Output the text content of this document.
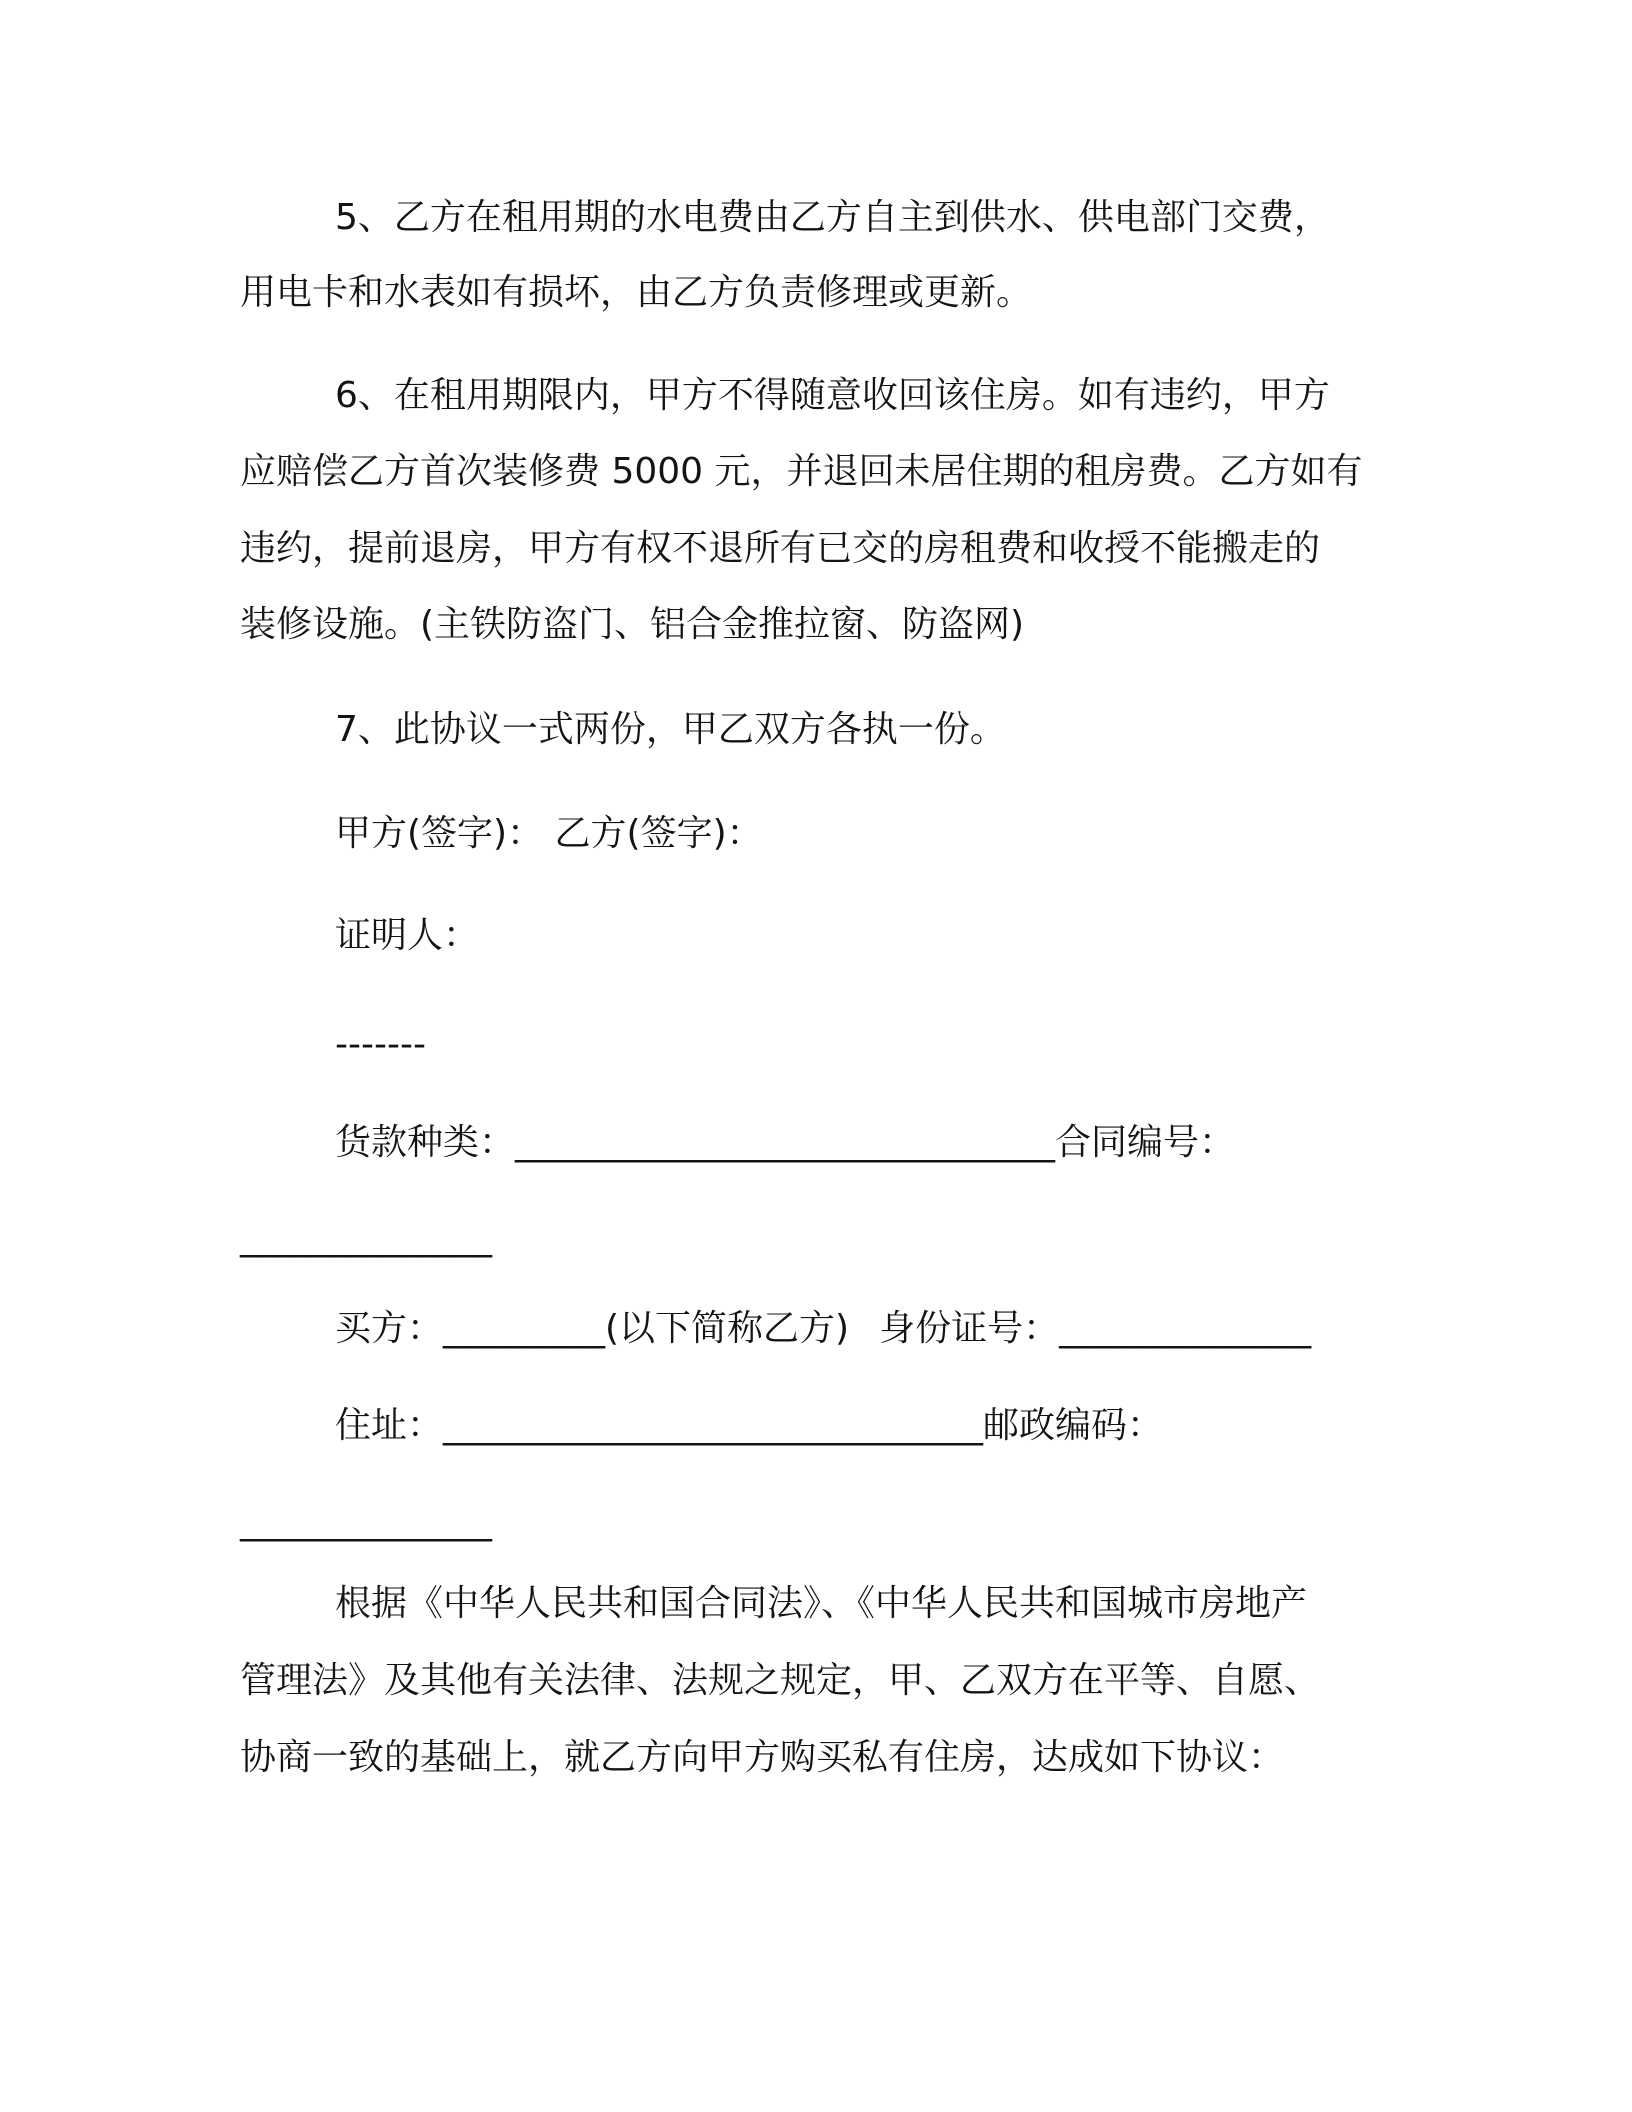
5、乙方在租用期的水电费由乙方自主到供水、供电部门交费，
用电卡和水表如有损坏，由乙方负责修理或更新。
6、在租用期限内，甲方不得随意收回该住房。如有违约，甲方
应赔偿乙方首次装修费 5000 元，并退回未居住期的租房费。乙方如有
违约，提前退房，甲方有权不退所有已交的房租费和收授不能搬走的
装修设施。(主铁防盗门、铝合金推拉窗、防盗网)
7、此协议一式两份，甲乙双方各执一份。
甲方(签字)： 乙方(签字)：
证明人：
-------
货款种类：______________________________合同编号：
______________
买方：_________(以下简称乙方) 身份证号：______________
住址：______________________________邮政编码：
______________
根据《中华人民共和国合同法》、《中华人民共和国城市房地产
管理法》及其他有关法律、法规之规定，甲、乙双方在平等、自愿、
协商一致的基础上，就乙方向甲方购买私有住房，达成如下协议：
